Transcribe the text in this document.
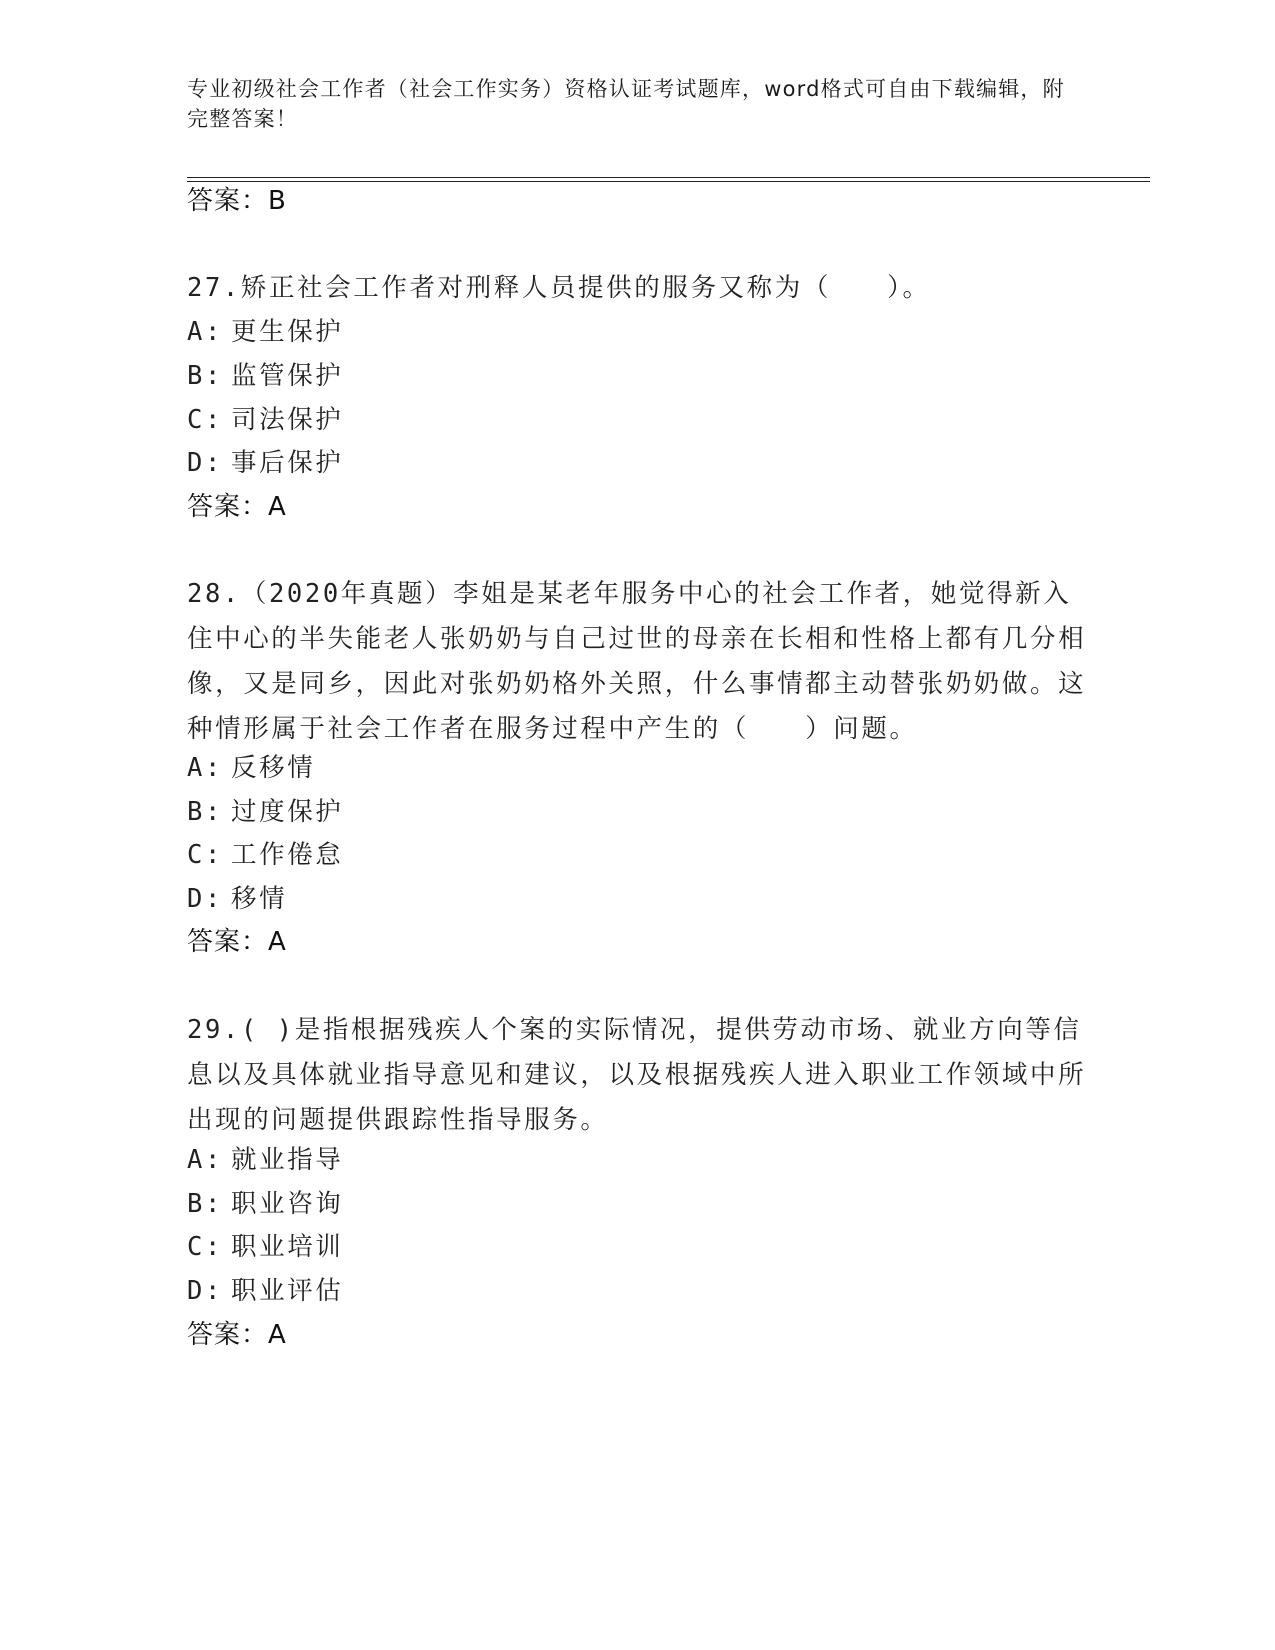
专业初级社会工作者（社会工作实务）资格认证考试题库，word格式可自由下载编辑，附完整答案！
答案：B
27.矫正社会工作者对刑释人员提供的服务又称为（　　）。
A: 更生保护
B: 监管保护
C: 司法保护
D: 事后保护
答案：A
28.（2020年真题）李姐是某老年服务中心的社会工作者，她觉得新入住中心的半失能老人张奶奶与自己过世的母亲在长相和性格上都有几分相像，又是同乡，因此对张奶奶格外关照，什么事情都主动替张奶奶做。这种情形属于社会工作者在服务过程中产生的（　　）问题。
A: 反移情
B: 过度保护
C: 工作倦怠
D: 移情
答案：A
29.( )是指根据残疾人个案的实际情况，提供劳动市场、就业方向等信息以及具体就业指导意见和建议，以及根据残疾人进入职业工作领域中所出现的问题提供跟踪性指导服务。
A: 就业指导
B: 职业咨询
C: 职业培训
D: 职业评估
答案：A
